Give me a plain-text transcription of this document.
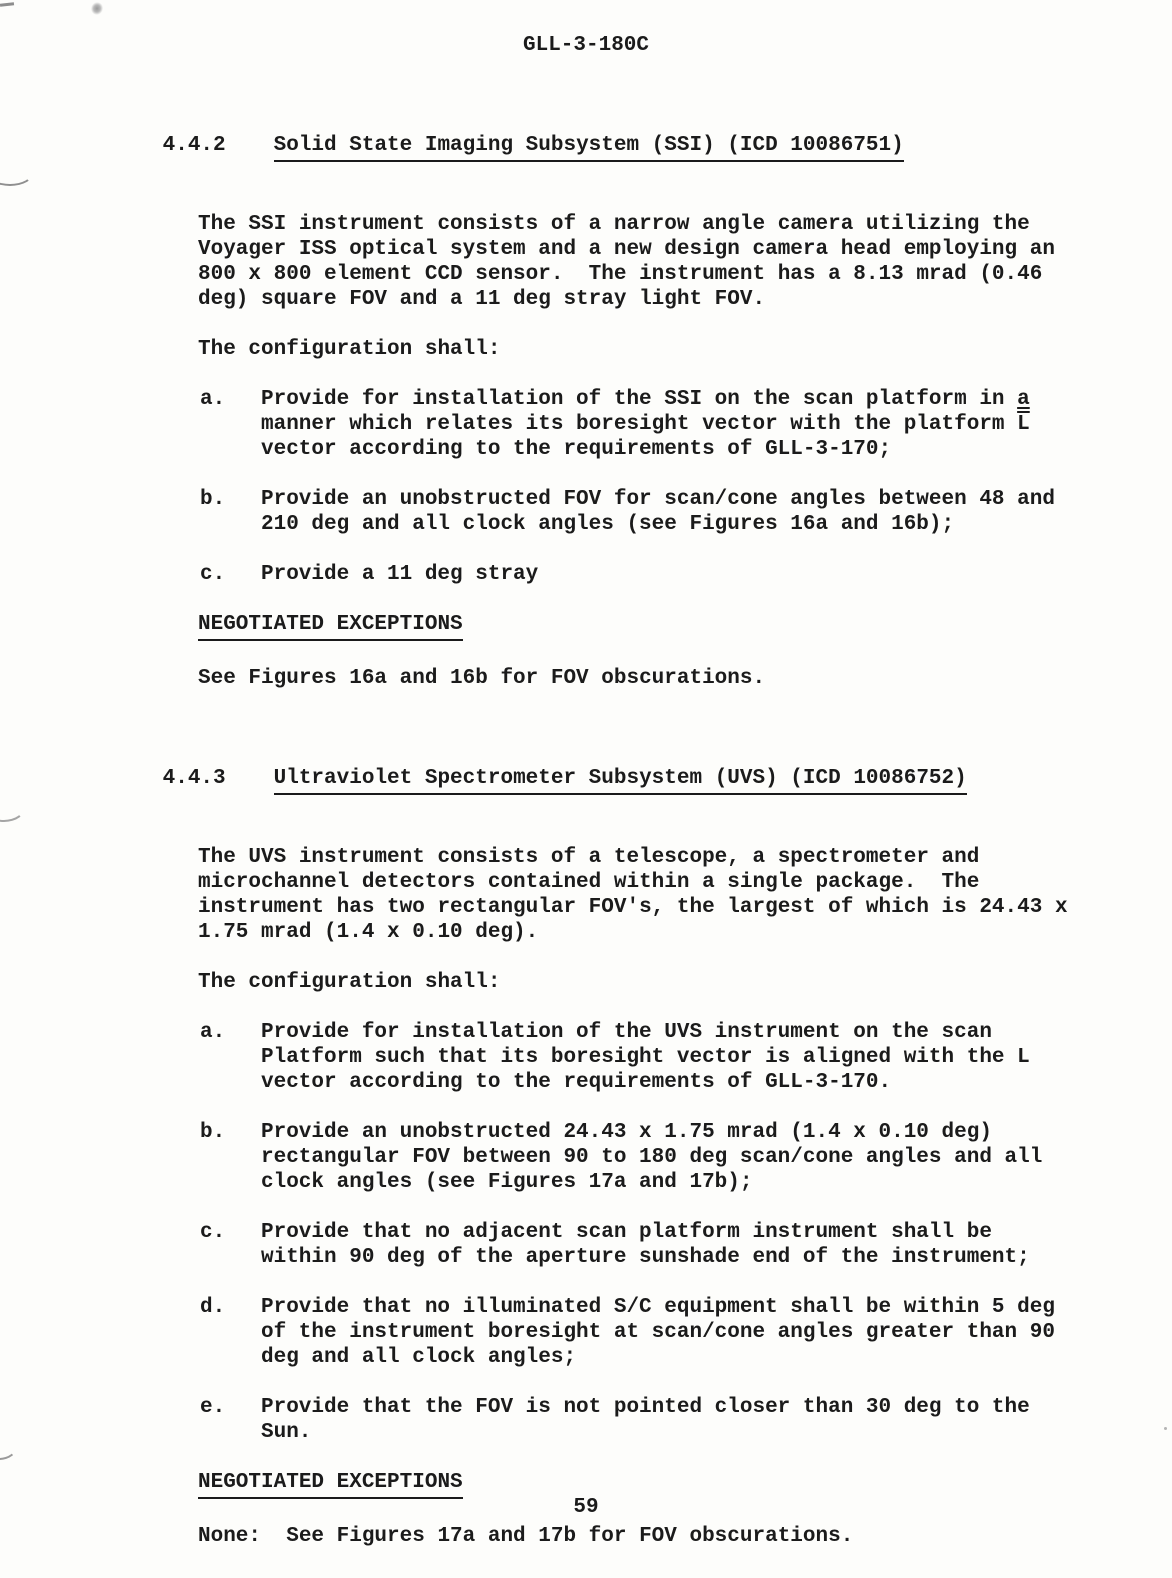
GLL-3-180C

4.4.2 Solid State Imaging Subsystem (SSI) (ICD 10086751)

The SSI instrument consists of a narrow angle camera utilizing the
Voyager ISS optical system and a new design camera head employing an
800 x 800 element CCD sensor.  The instrument has a 8.13 mrad (0.46
deg) square FOV and a 11 deg stray light FOV.
The configuration shall:
a.	Provide for installation of the SSI on the scan platform in a
manner which relates its boresight vector with the platform $\overline{L}$
vector according to the requirements of GLL-3-170;
b.	Provide an unobstructed FOV for scan/cone angles between 48 and
210 deg and all clock angles (see Figures 16a and 16b);
c.	Provide a 11 deg stray
NEGOTIATED EXCEPTIONS
See Figures 16a and 16b for FOV obscurations.

4.4.3 Ultraviolet Spectrometer Subsystem (UVS) (ICD 10086752)

The UVS instrument consists of a telescope, a spectrometer and
microchannel detectors contained within a single package.  The
instrument has two rectangular FOV's, the largest of which is 24.43 x
1.75 mrad (1.4 x 0.10 deg).
The configuration shall:
a.	Provide for installation of the UVS instrument on the scan
Platform such that its boresight vector is aligned with the L
vector according to the requirements of GLL-3-170.
b.	Provide an unobstructed 24.43 x 1.75 mrad (1.4 x 0.10 deg)
rectangular FOV between 90 to 180 deg scan/cone angles and all
clock angles (see Figures 17a and 17b);
c.	Provide that no adjacent scan platform instrument shall be
within 90 deg of the aperture sunshade end of the instrument;
d.	Provide that no illuminated S/C equipment shall be within 5 deg
of the instrument boresight at scan/cone angles greater than 90
deg and all clock angles;
e.	Provide that the FOV is not pointed closer than 30 deg to the
Sun.
NEGOTIATED EXCEPTIONS
None:  See Figures 17a and 17b for FOV obscurations.
59
